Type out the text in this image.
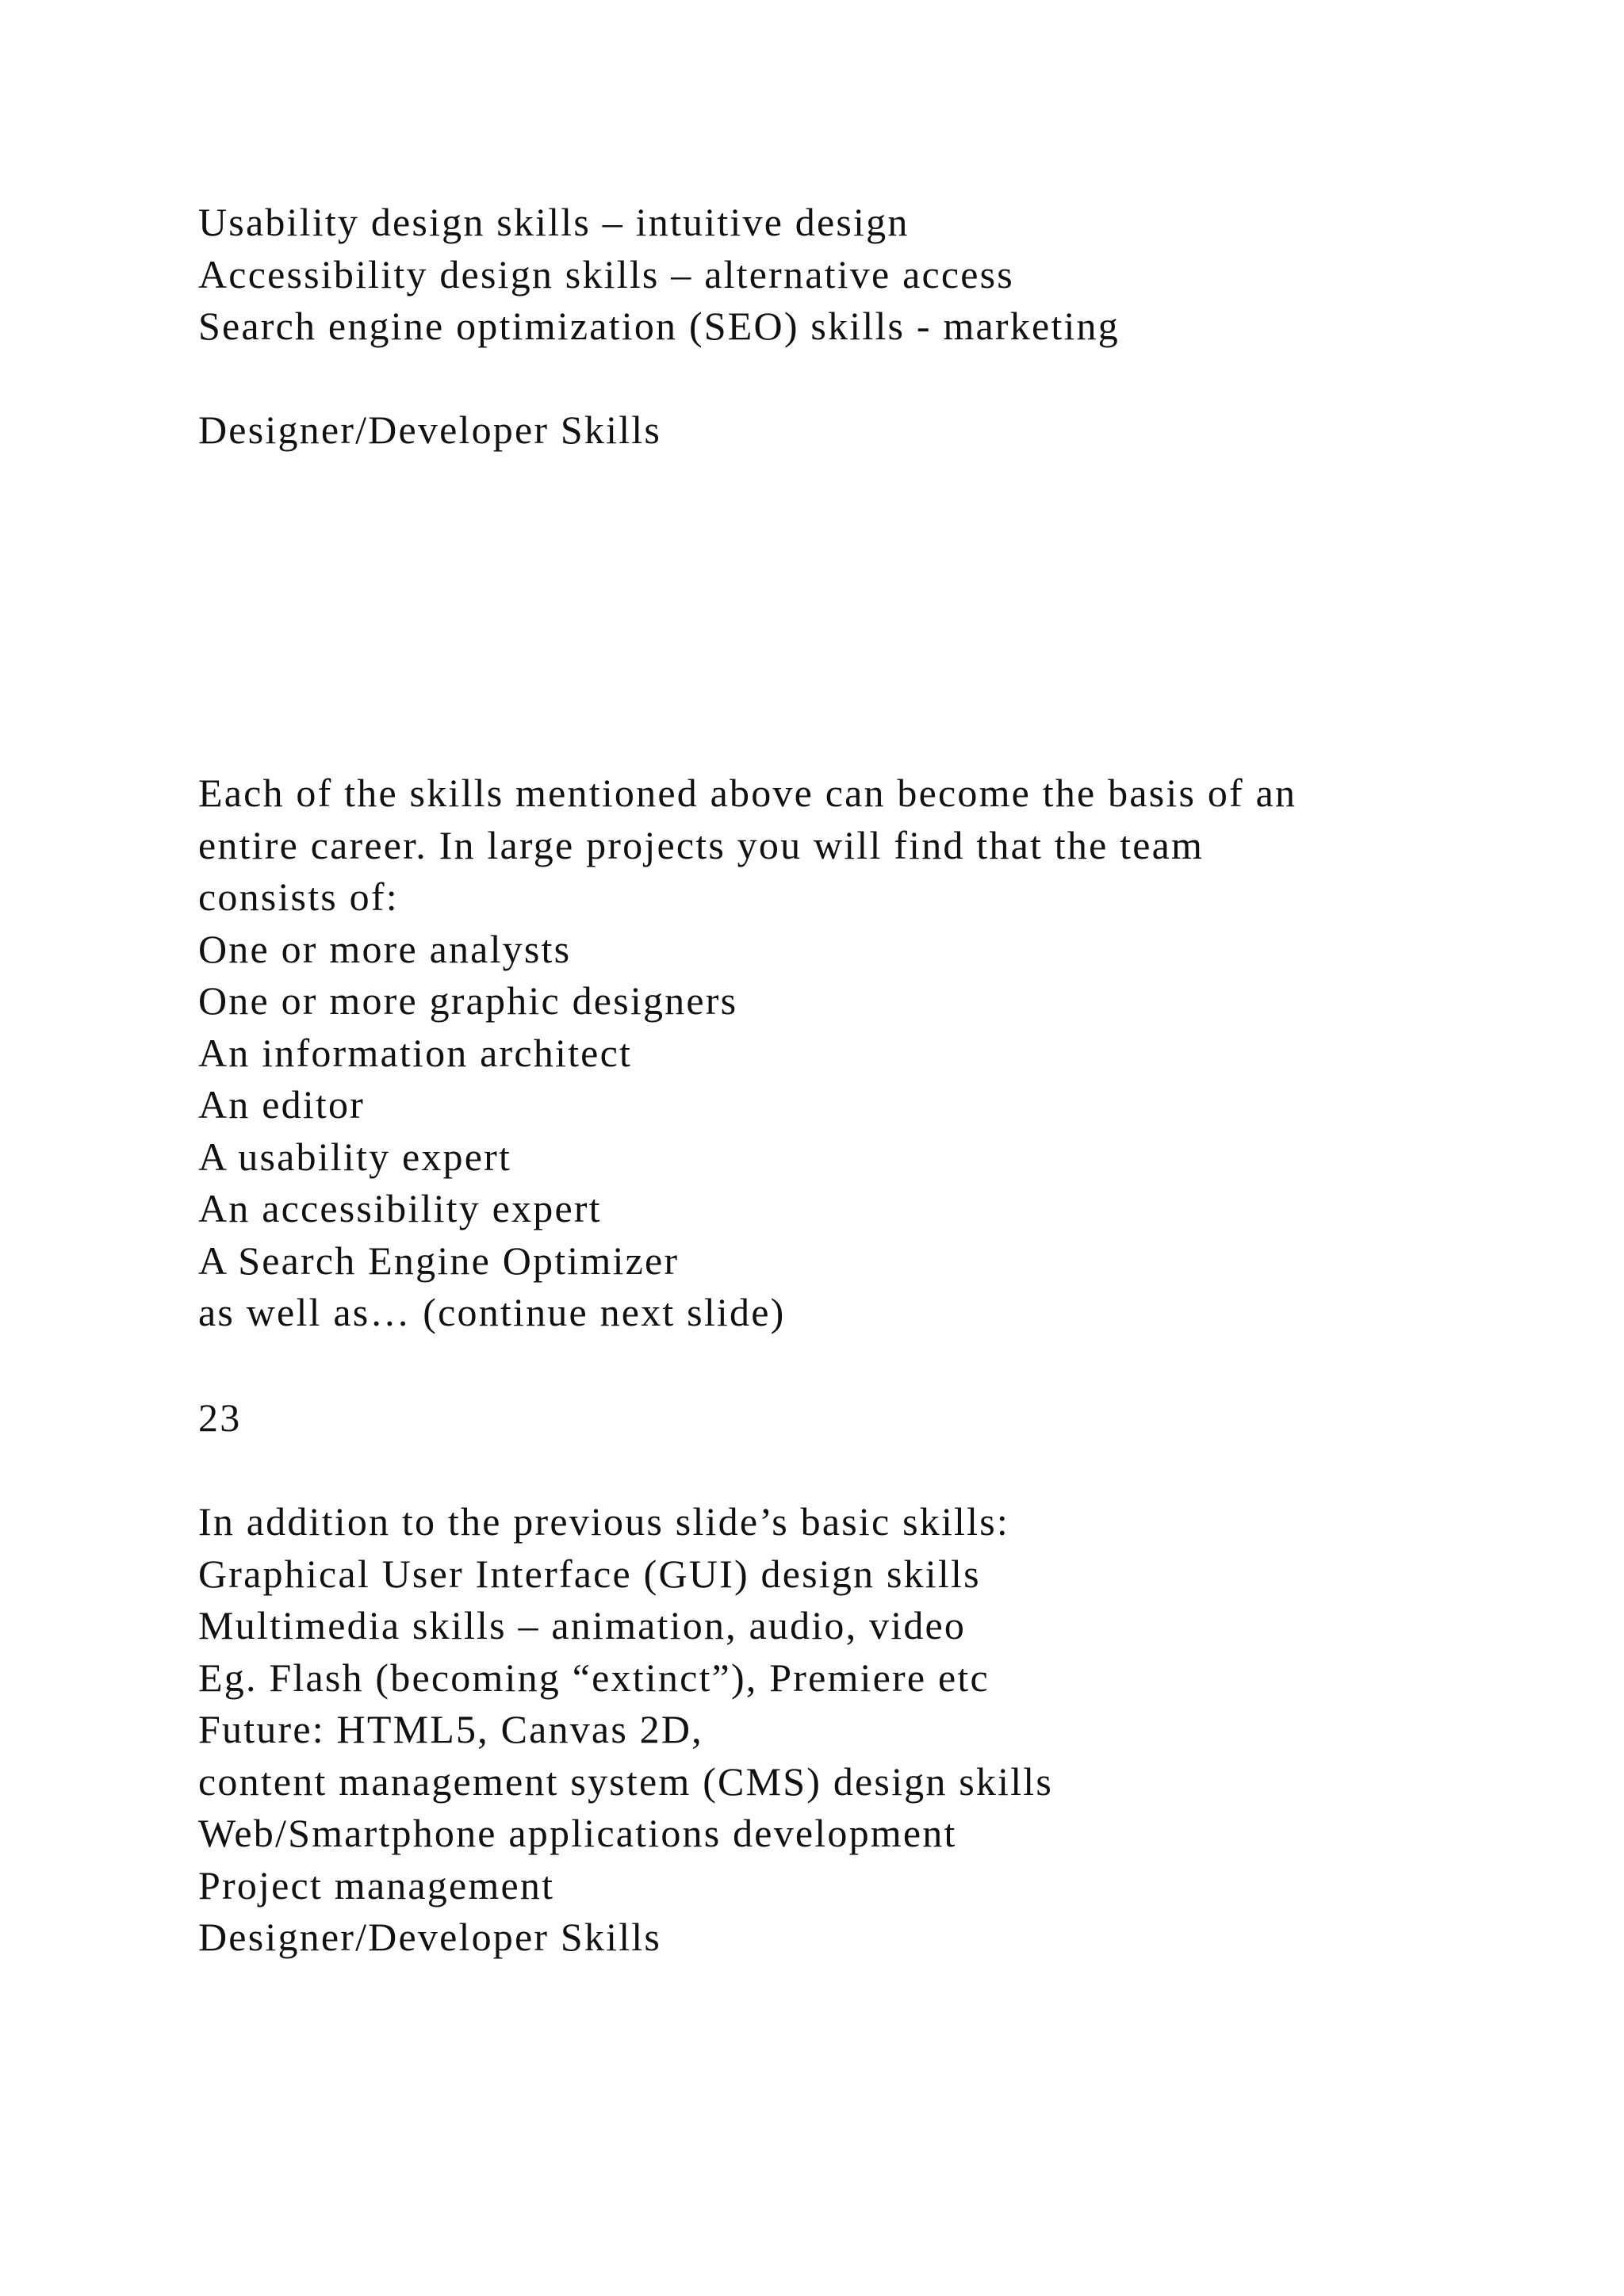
Usability design skills – intuitive design
Accessibility design skills – alternative access
Search engine optimization (SEO) skills - marketing
Designer/Developer Skills
Each of the skills mentioned above can become the basis of an
entire career. In large projects you will find that the team
consists of:
One or more analysts
One or more graphic designers
An information architect
An editor
A usability expert
An accessibility expert
A Search Engine Optimizer
as well as… (continue next slide)
23
In addition to the previous slide’s basic skills:
Graphical User Interface (GUI) design skills
Multimedia skills – animation, audio, video
Eg. Flash (becoming “extinct”), Premiere etc
Future: HTML5, Canvas 2D,
content management system (CMS) design skills
Web/Smartphone applications development
Project management
Designer/Developer Skills
